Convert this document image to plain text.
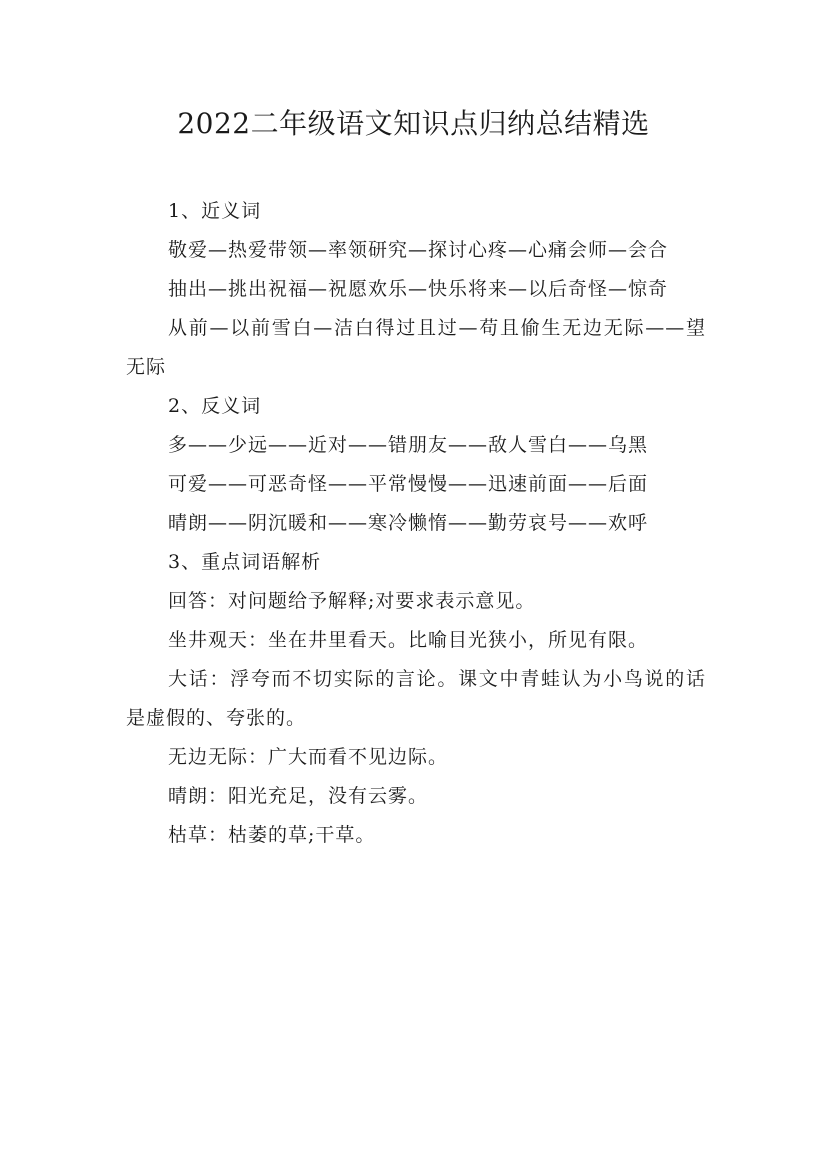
2022二年级语文知识点归纳总结精选

1、近义词

敬爱—热爱带领—率领研究—探讨心疼—心痛会师—会合

抽出—挑出祝福—祝愿欢乐—快乐将来—以后奇怪—惊奇

从前—以前雪白—洁白得过且过—苟且偷生无边无际——望无际

2、反义词

多——少远——近对——错朋友——敌人雪白——乌黑

可爱——可恶奇怪——平常慢慢——迅速前面——后面

晴朗——阴沉暖和——寒冷懒惰——勤劳哀号——欢呼

3、重点词语解析

回答：对问题给予解释;对要求表示意见。

坐井观天：坐在井里看天。比喻目光狭小，所见有限。

大话：浮夸而不切实际的言论。课文中青蛙认为小鸟说的话是虚假的、夸张的。

无边无际：广大而看不见边际。

晴朗：阳光充足，没有云雾。

枯草：枯萎的草;干草。
